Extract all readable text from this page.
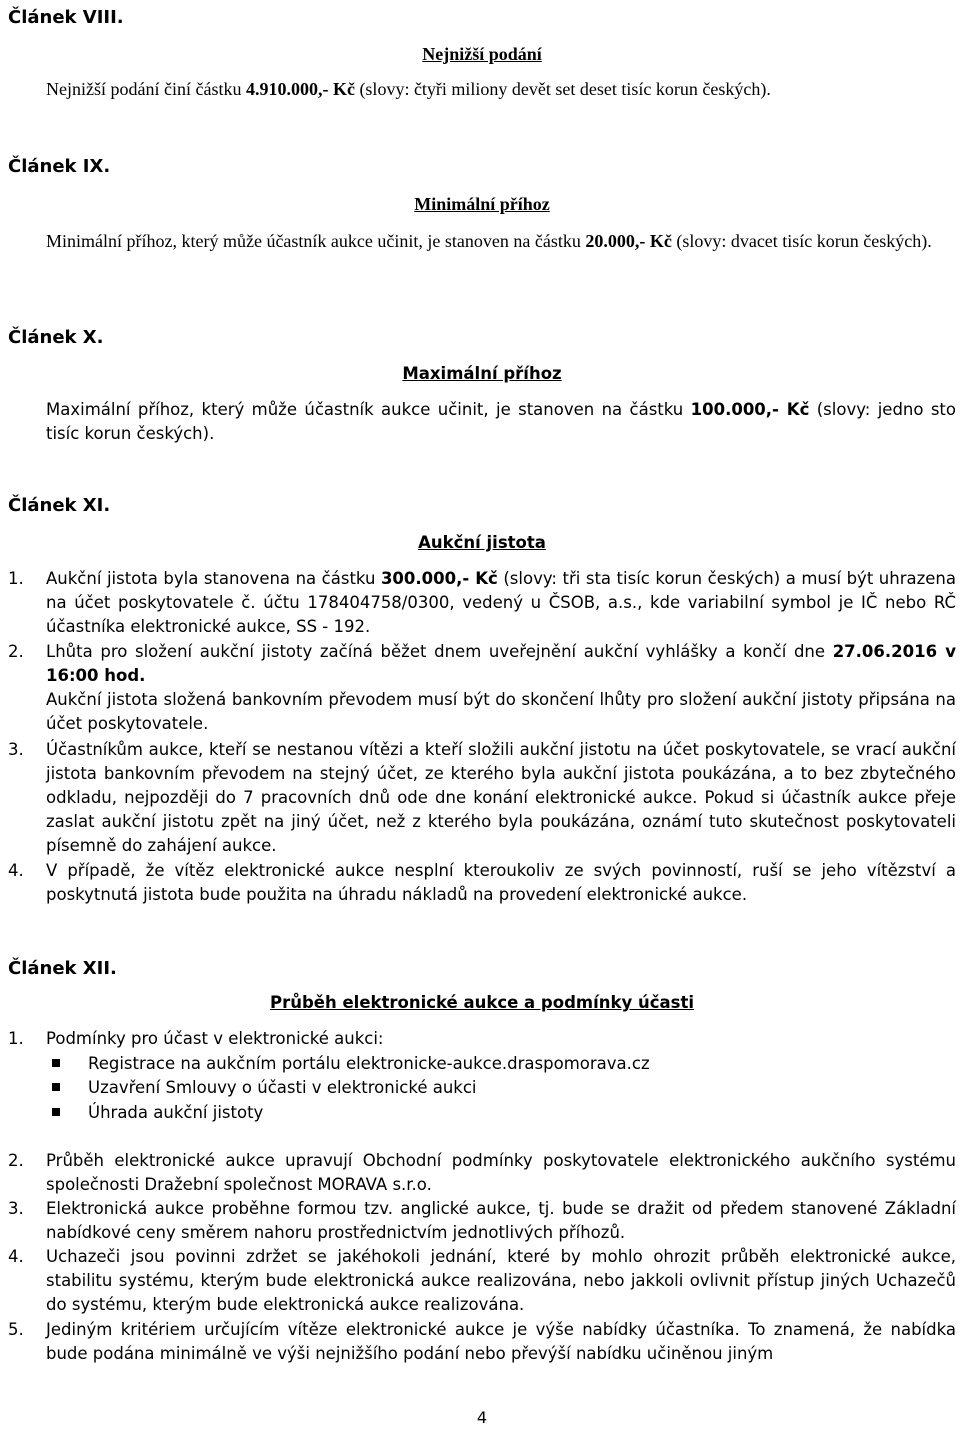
Článek VIII.
Nejnižší podání
Nejnižší podání činí částku 4.910.000,- Kč (slovy: čtyři miliony devět set deset tisíc korun českých).
Článek IX.
Minimální příhoz
Minimální příhoz, který může účastník aukce učinit, je stanoven na částku 20.000,- Kč (slovy: dvacet tisíc korun českých).
Článek X.
Maximální příhoz
Maximální příhoz, který může účastník aukce učinit, je stanoven na částku 100.000,- Kč (slovy: jedno sto tisíc korun českých).
Článek XI.
Aukční jistota
1.	Aukční jistota byla stanovena na částku 300.000,- Kč (slovy: tři sta tisíc korun českých) a musí být uhrazena na účet poskytovatele č. účtu 178404758/0300, vedený u ČSOB, a.s., kde variabilní symbol je IČ nebo RČ účastníka elektronické aukce, SS - 192.
2.	Lhůta pro složení aukční jistoty začíná běžet dnem uveřejnění aukční vyhlášky a končí dne 27.06.2016 v 16:00 hod.
Aukční jistota složená bankovním převodem musí být do skončení lhůty pro složení aukční jistoty připsána na účet poskytovatele.
3.	Účastníkům aukce, kteří se nestanou vítězi a kteří složili aukční jistotu na účet poskytovatele, se vrací aukční jistota bankovním převodem na stejný účet, ze kterého byla aukční jistota poukázána, a to bez zbytečného odkladu, nejpozději do 7 pracovních dnů ode dne konání elektronické aukce. Pokud si účastník aukce přeje zaslat aukční jistotu zpět na jiný účet, než z kterého byla poukázána, oznámí tuto skutečnost poskytovateli písemně do zahájení aukce.
4.	V případě, že vítěz elektronické aukce nesplní kteroukoliv ze svých povinností, ruší se jeho vítězství a poskytnutá jistota bude použita na úhradu nákladů na provedení elektronické aukce.
Článek XII.
Průběh elektronické aukce a podmínky účasti
1.	Podmínky pro účast v elektronické aukci:
Registrace na aukčním portálu elektronicke-aukce.draspomorava.cz
Uzavření Smlouvy o účasti v elektronické aukci
Úhrada aukční jistoty
2.	Průběh elektronické aukce upravují Obchodní podmínky poskytovatele elektronického aukčního systému společnosti Dražební společnost MORAVA s.r.o.
3.	Elektronická aukce proběhne formou tzv. anglické aukce, tj. bude se dražit od předem stanovené Základní nabídkové ceny směrem nahoru prostřednictvím jednotlivých příhozů.
4.	Uchazeči jsou povinni zdržet se jakéhokoli jednání, které by mohlo ohrozit průběh elektronické aukce, stabilitu systému, kterým bude elektronická aukce realizována, nebo jakkoli ovlivnit přístup jiných Uchazečů do systému, kterým bude elektronická aukce realizována.
5.	Jediným kritériem určujícím vítěze elektronické aukce je výše nabídky účastníka. To znamená, že nabídka bude podána minimálně ve výši nejnižšího podání nebo převýší nabídku učiněnou jiným
4
